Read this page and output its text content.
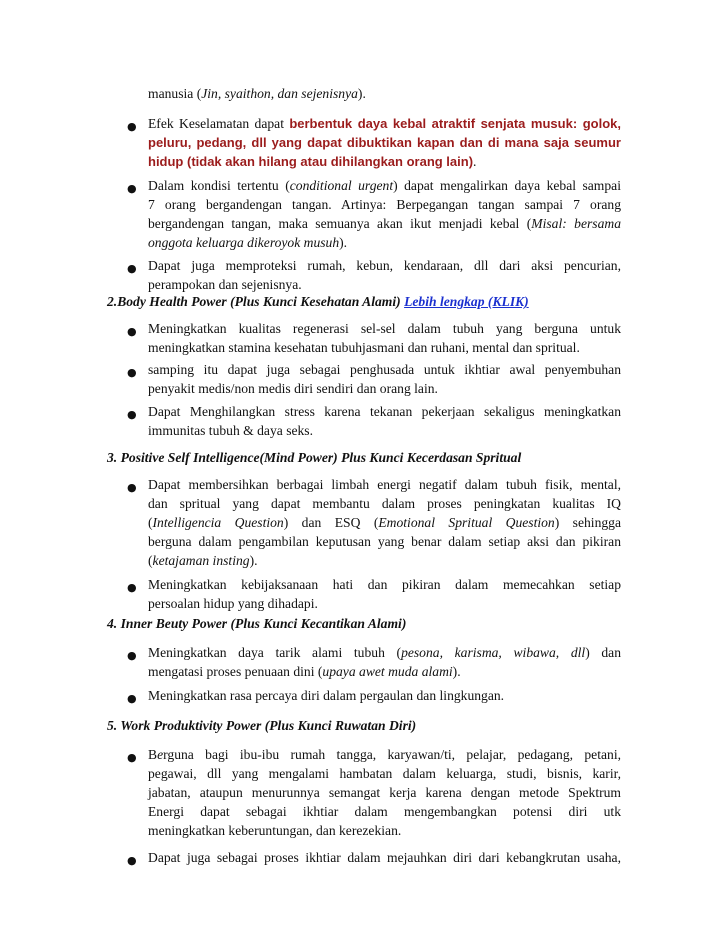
manusia (Jin, syaithon, dan sejenisnya).
● Efek Keselamatan dapat berbentuk daya kebal atraktif senjata musuk: golok,
peluru, pedang, dll yang dapat dibuktikan kapan dan di mana saja seumur
hidup (tidak akan hilang atau dihilangkan orang lain).
● Dalam kondisi tertentu (conditional urgent) dapat mengalirkan daya kebal sampai
7 orang bergandengan tangan. Artinya: Berpegangan tangan sampai 7 orang
bergandengan tangan, maka semuanya akan ikut menjadi kebal (Misal: bersama
onggota keluarga dikeroyok musuh).
● Dapat juga memproteksi rumah, kebun, kendaraan, dll dari aksi pencurian,
perampokan dan sejenisnya.
2.Body Health Power (Plus Kunci Kesehatan Alami) Lebih lengkap (KLIK)
● Meningkatkan kualitas regenerasi sel-sel dalam tubuh yang berguna untuk
meningkatkan stamina kesehatan tubuhjasmani dan ruhani, mental dan spritual.
● samping itu dapat juga sebagai penghusada untuk ikhtiar awal penyembuhan
penyakit medis/non medis diri sendiri dan orang lain.
● Dapat Menghilangkan stress karena tekanan pekerjaan sekaligus meningkatkan
immunitas tubuh & daya seks.
3. Positive Self Intelligence(Mind Power) Plus Kunci Kecerdasan Spritual
● Dapat membersihkan berbagai limbah energi negatif dalam tubuh fisik, mental,
dan spritual yang dapat membantu dalam proses peningkatan kualitas IQ
(Intelligencia Question) dan ESQ (Emotional Spritual Question) sehingga
berguna dalam pengambilan keputusan yang benar dalam setiap aksi dan pikiran
(ketajaman insting).
● Meningkatkan kebijaksanaan hati dan pikiran dalam memecahkan setiap
persoalan hidup yang dihadapi.
4. Inner Beuty Power (Plus Kunci Kecantikan Alami)
● Meningkatkan daya tarik alami tubuh (pesona, karisma, wibawa, dll) dan
mengatasi proses penuaan dini (upaya awet muda alami).
● Meningkatkan rasa percaya diri dalam pergaulan dan lingkungan.
5. Work Produktivity Power (Plus Kunci Ruwatan Diri)
● Berguna bagi ibu-ibu rumah tangga, karyawan/ti, pelajar, pedagang, petani,
pegawai, dll yang mengalami hambatan dalam keluarga, studi, bisnis, karir,
jabatan, ataupun menurunnya semangat kerja karena dengan metode Spektrum
Energi dapat sebagai ikhtiar dalam mengembangkan potensi diri utk
meningkatkan keberuntungan, dan kerezekian.
● Dapat juga sebagai proses ikhtiar dalam mejauhkan diri dari kebangkrutan usaha,
